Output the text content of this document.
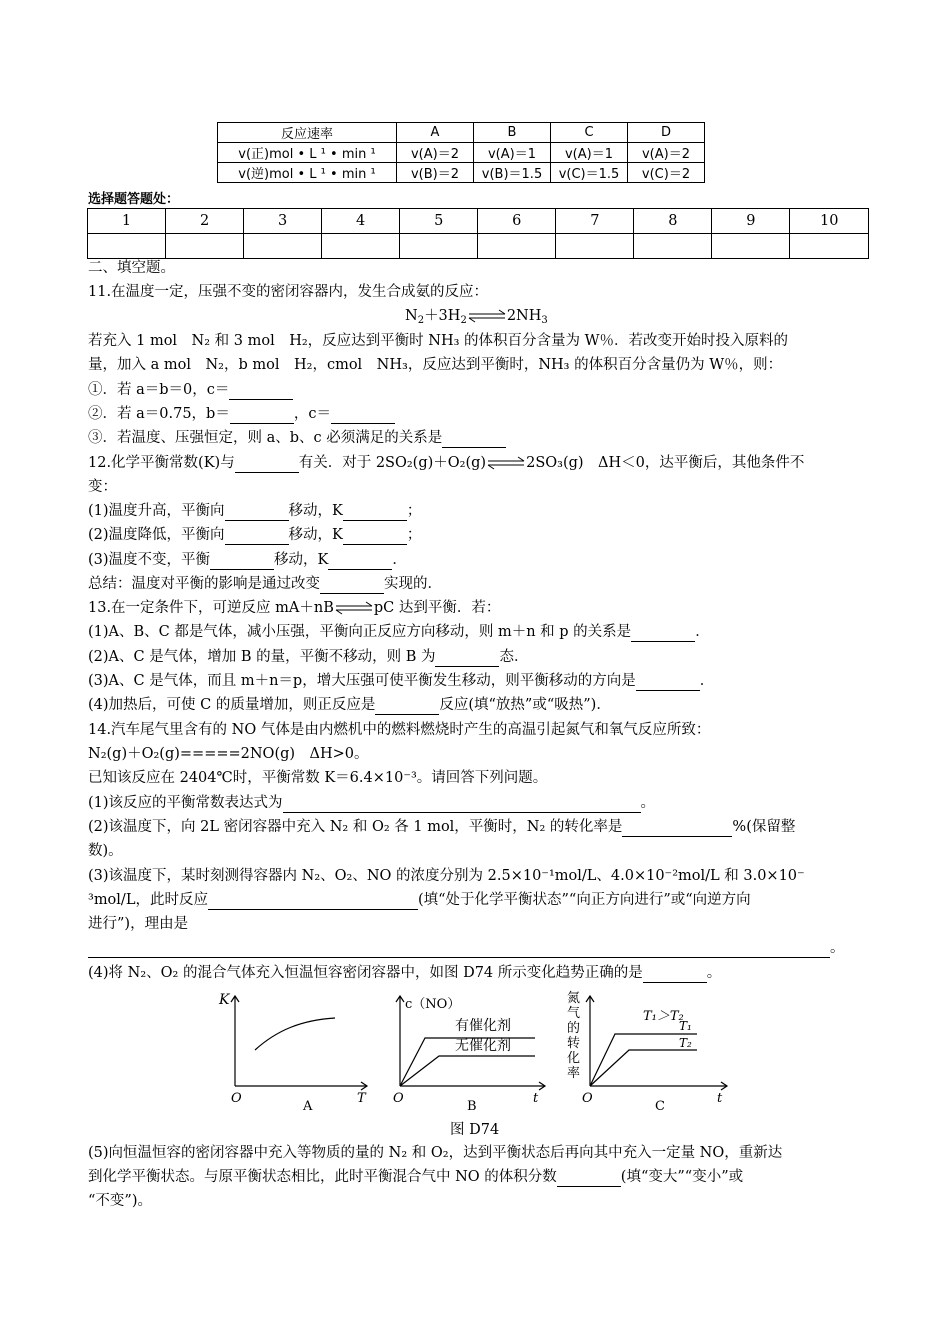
反应速率	A	B	C	D
v(正)mol • L ¹ • min ¹	v(A)＝2	v(A)＝1	v(A)＝1	v(A)＝2
v(逆)mol • L ¹ • min ¹	v(B)＝2	v(B)＝1.5	v(C)＝1.5	v(C)＝2
选择题答题处：
1	2	3	4	5	6	7	8	9	10

二、填空题。
11.在温度一定，压强不变的密闭容器内，发生合成氨的反应：
$N_2+3H_2\rightleftharpoons 2NH_3$
若充入 1 mol　N₂ 和 3 mol　H₂，反应达到平衡时 NH₃ 的体积百分含量为 W％．若改变开始时投入原料的
量，加入 a mol　N₂，b mol　H₂，cmol　NH₃，反应达到平衡时，NH₃ 的体积百分含量仍为 W％，则：
①．若 a＝b＝0，c＝
②．若 a＝0.75，b＝	，c＝
③．若温度、压强恒定，则 a、b、c 必须满足的关系是
12.化学平衡常数(K)与	有关．对于 2SO₂(g)＋O₂(g)⇌2SO₃(g)　ΔH＜0，达平衡后，其他条件不
变：
(1)温度升高，平衡向	移动，K	；
(2)温度降低，平衡向	移动，K	；
(3)温度不变，平衡	移动，K	．
总结：温度对平衡的影响是通过改变	实现的．
13.在一定条件下，可逆反应 mA＋nB⇌pC 达到平衡．若：
(1)A、B、C 都是气体，减小压强，平衡向正反应方向移动，则 m＋n 和 p 的关系是	．
(2)A、C 是气体，增加 B 的量，平衡不移动，则 B 为	态．
(3)A、C 是气体，而且 m＋n＝p，增大压强可使平衡发生移动，则平衡移动的方向是	．
(4)加热后，可使 C 的质量增加，则正反应是	反应(填“放热”或“吸热”)．
14.汽车尾气里含有的 NO 气体是由内燃机中的燃料燃烧时产生的高温引起氮气和氧气反应所致：
N₂(g)＋O₂(g)=====2NO(g)　ΔH>0。
已知该反应在 2404℃时，平衡常数 K＝6.4×10⁻³。请回答下列问题。
(1)该反应的平衡常数表达式为	。
(2)该温度下，向 2L 密闭容器中充入 N₂ 和 O₂ 各 1 mol，平衡时，N₂ 的转化率是	%(保留整
数)。
(3)该温度下，某时刻测得容器内 N₂、O₂、NO 的浓度分别为 2.5×10⁻¹mol/L、4.0×10⁻²mol/L 和 3.0×10⁻
³mol/L，此时反应	(填“处于化学平衡状态”“向正方向进行”或“向逆方向
进行”)，理由是
。
(4)将 N₂、O₂ 的混合气体充入恒温恒容密闭容器中，如图 D74 所示变化趋势正确的是	。
K
O	T
A
c（NO）
有催化剂
无催化剂
O	t
B
氮气的转化率
T₁＞T₂
T₁
T₂
O	t
C
图 D74
(5)向恒温恒容的密闭容器中充入等物质的量的 N₂ 和 O₂，达到平衡状态后再向其中充入一定量 NO，重新达
到化学平衡状态。与原平衡状态相比，此时平衡混合气中 NO 的体积分数	(填“变大”“变小”或
“不变”)。
